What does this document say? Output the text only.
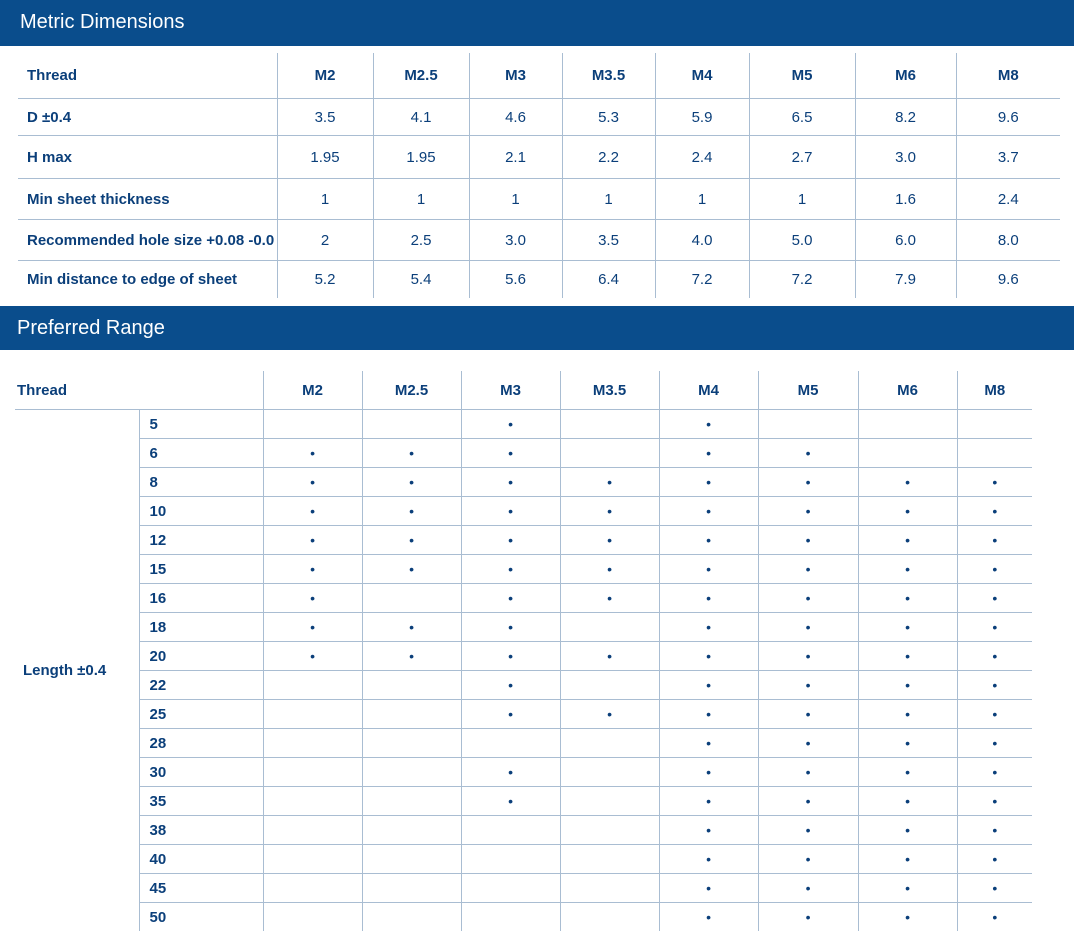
Metric Dimensions
Thread	M2	M2.5	M3	M3.5	M4	M5	M6	M8
D ±0.4	3.5	4.1	4.6	5.3	5.9	6.5	8.2	9.6
H max	1.95	1.95	2.1	2.2	2.4	2.7	3.0	3.7
Min sheet thickness	1	1	1	1	1	1	1.6	2.4
Recommended hole size +0.08 -0.0	2	2.5	3.0	3.5	4.0	5.0	6.0	8.0
Min distance to edge of sheet	5.2	5.4	5.6	6.4	7.2	7.2	7.9	9.6
Preferred Range
Thread		M2	M2.5	M3	M3.5	M4	M5	M6	M8
Length ±0.4	5			•		•			
	6	•	•	•		•	•		
	8	•	•	•	•	•	•	•	•
	10	•	•	•	•	•	•	•	•
	12	•	•	•	•	•	•	•	•
	15	•	•	•	•	•	•	•	•
	16	•		•	•	•	•	•	•
	18	•	•	•		•	•	•	•
	20	•	•	•	•	•	•	•	•
	22			•		•	•	•	•
	25			•	•	•	•	•	•
	28					•	•	•	•
	30			•		•	•	•	•
	35			•		•	•	•	•
	38					•	•	•	•
	40					•	•	•	•
	45					•	•	•	•
	50					•	•	•	•
